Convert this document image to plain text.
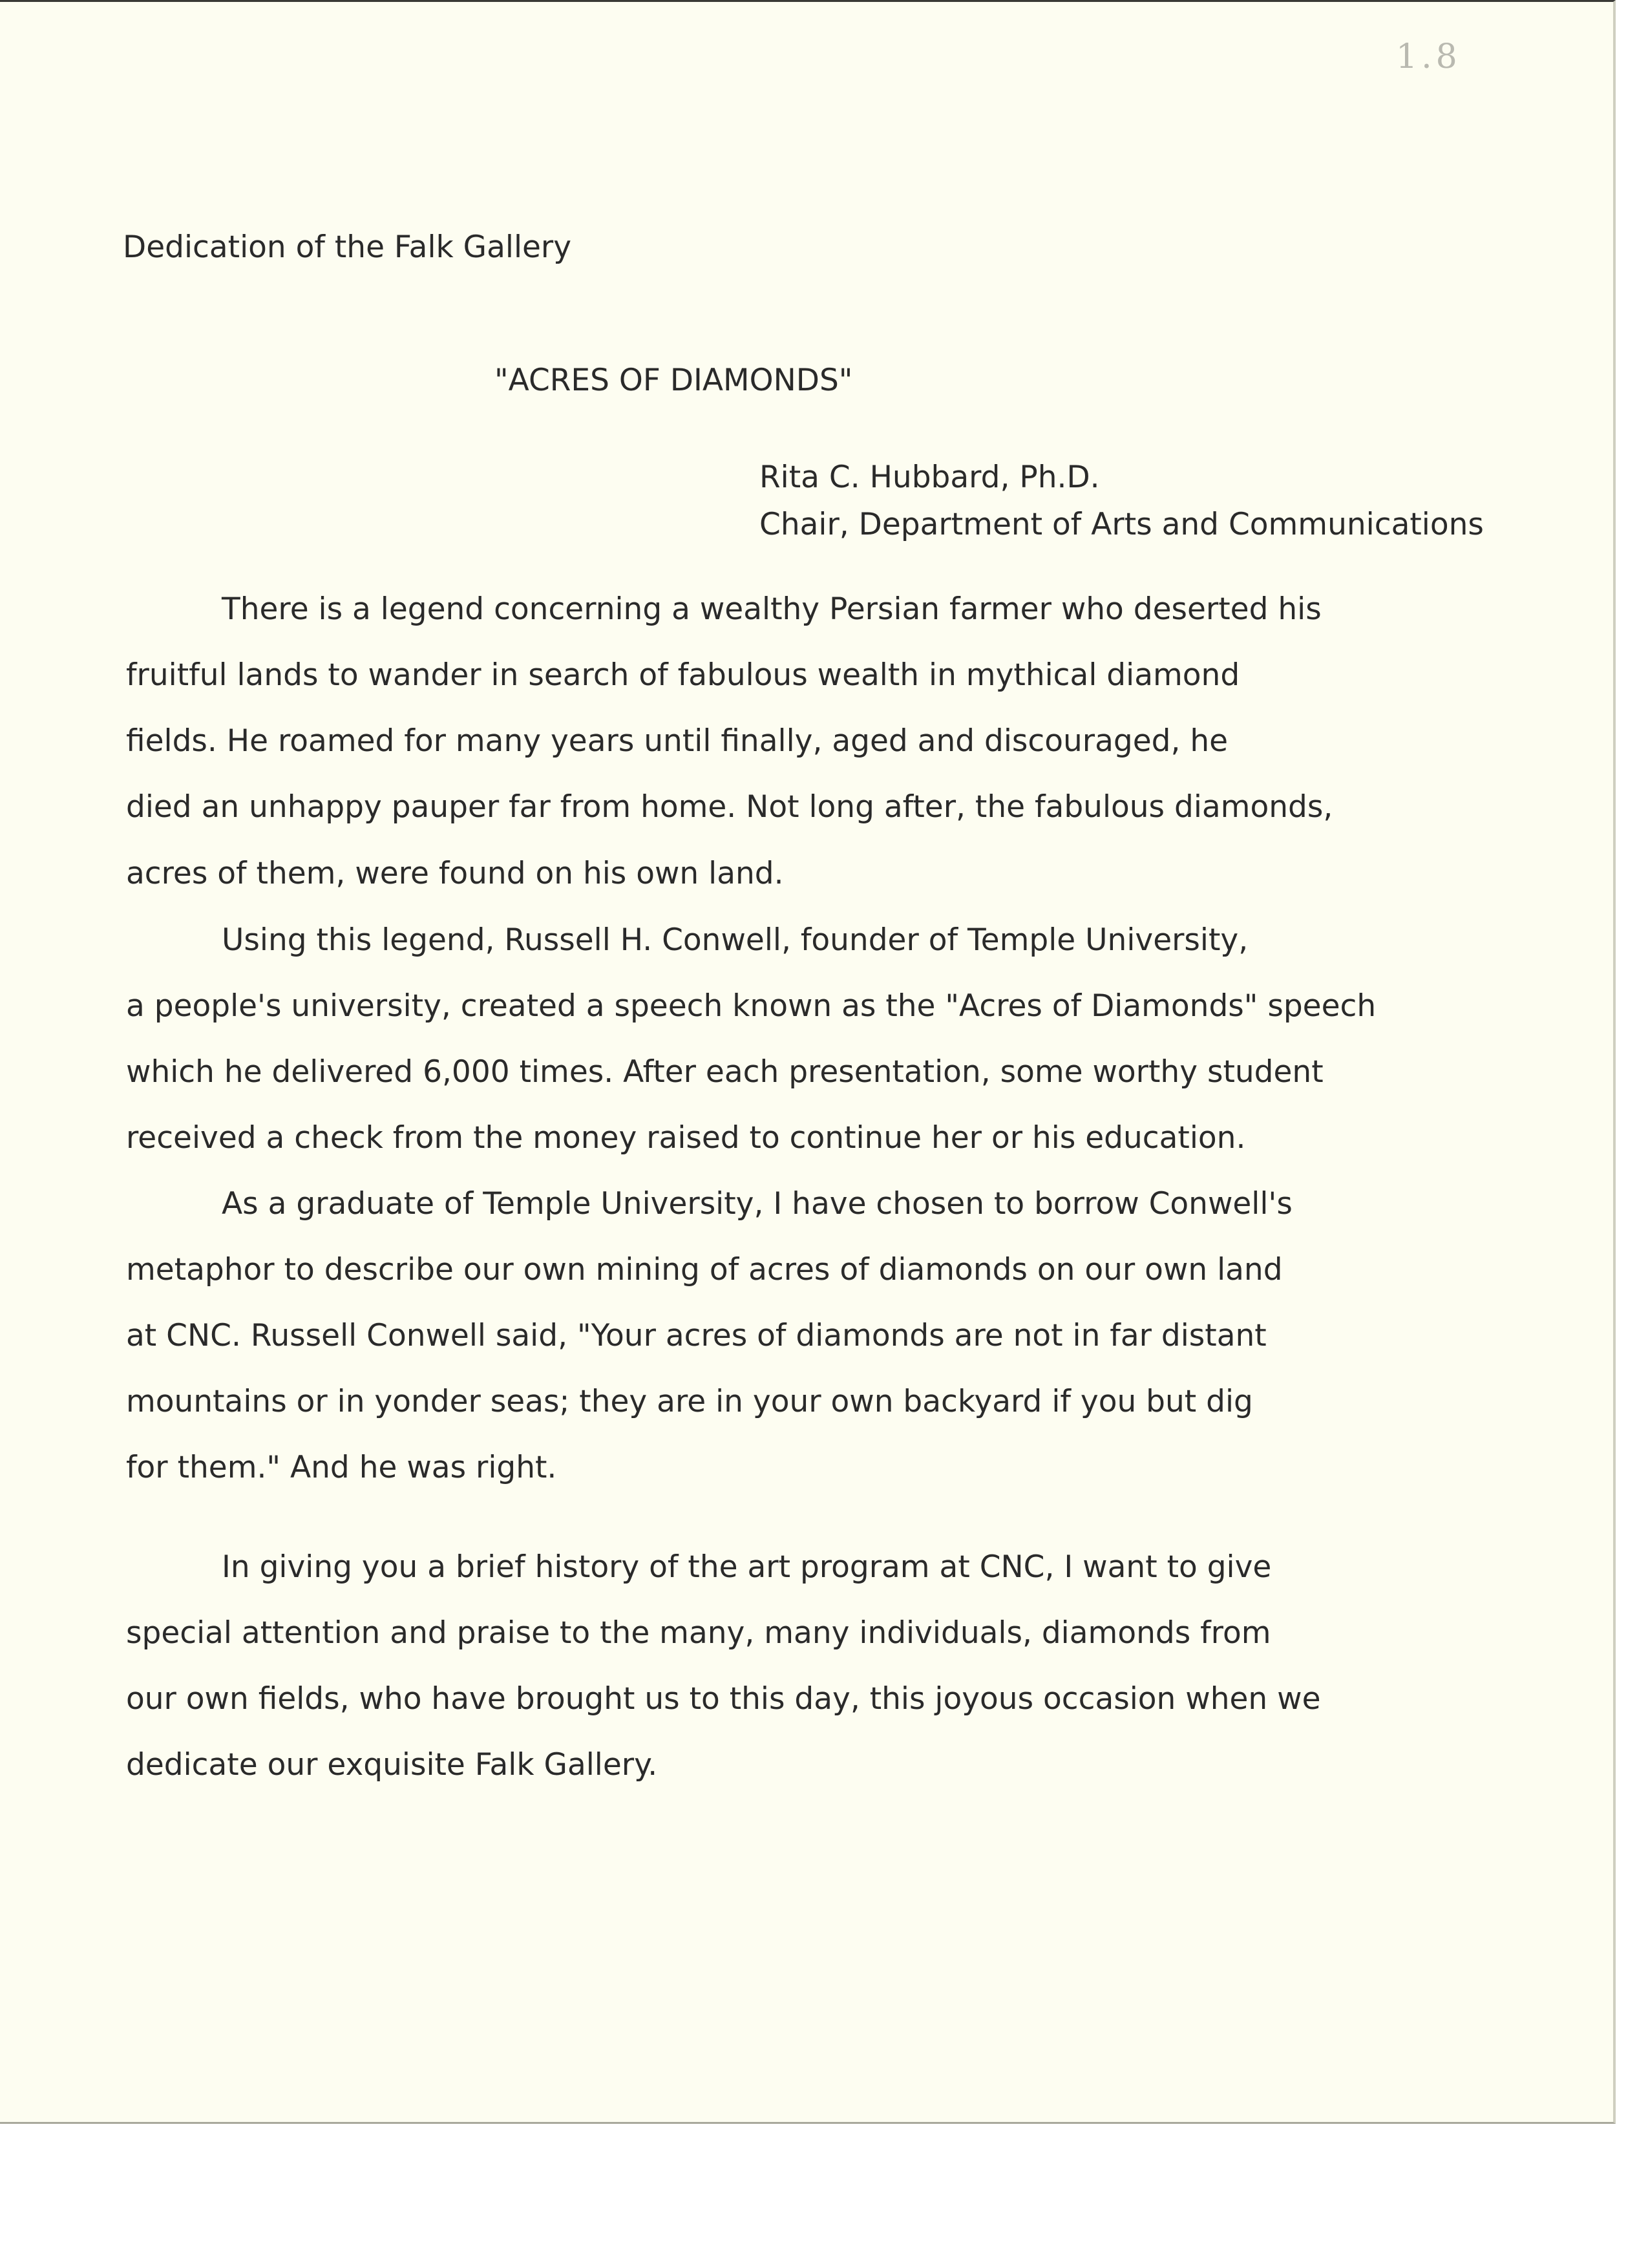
1.8
Dedication of the Falk Gallery
"ACRES OF DIAMONDS"
Rita C. Hubbard, Ph.D.
Chair, Department of Arts and Communications
There is a legend concerning a wealthy Persian farmer who deserted his
fruitful lands to wander in search of fabulous wealth in mythical diamond
fields. He roamed for many years until finally, aged and discouraged, he
died an unhappy pauper far from home. Not long after, the fabulous diamonds,
acres of them, were found on his own land.
Using this legend, Russell H. Conwell, founder of Temple University,
a people's university, created a speech known as the "Acres of Diamonds" speech
which he delivered 6,000 times. After each presentation, some worthy student
received a check from the money raised to continue her or his education.
As a graduate of Temple University, I have chosen to borrow Conwell's
metaphor to describe our own mining of acres of diamonds on our own land
at CNC. Russell Conwell said, "Your acres of diamonds are not in far distant
mountains or in yonder seas; they are in your own backyard if you but dig
for them." And he was right.
In giving you a brief history of the art program at CNC, I want to give
special attention and praise to the many, many individuals, diamonds from
our own fields, who have brought us to this day, this joyous occasion when we
dedicate our exquisite Falk Gallery.
